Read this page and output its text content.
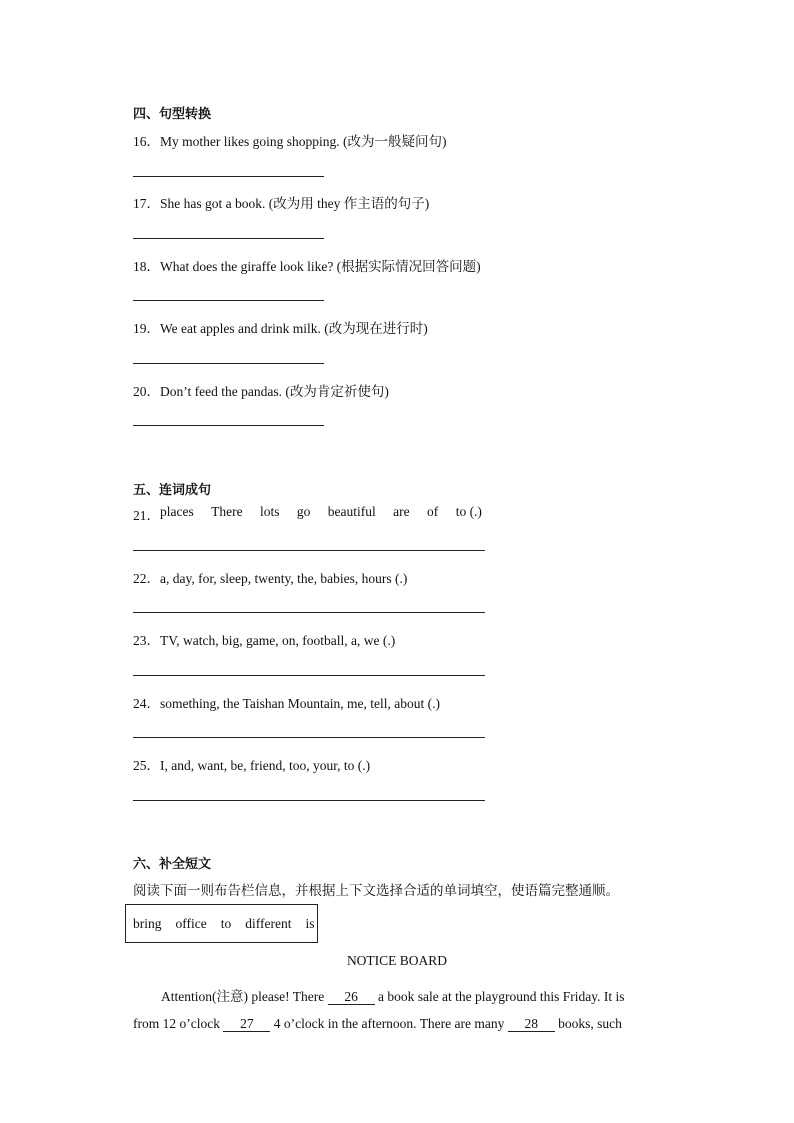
四、句型转换
16．My mother likes going shopping. (改为一般疑问句)
17．She has got a book. (改为用 they 作主语的句子)
18．What does the giraffe look like? (根据实际情况回答问题)
19．We eat apples and drink milk. (改为现在进行时)
20．Don’t feed the pandas. (改为肯定祈使句)
五、连词成句
21． places There lots go beautiful are of to (.)
22．a, day, for, sleep, twenty, the, babies, hours (.)
23．TV, watch, big, game, on, football, a, we (.)
24．something, the Taishan Mountain, me, tell, about (.)
25．I, and, want, be, friend, too, your, to (.)
六、补全短文
阅读下面一则布告栏信息，并根据上下文选择合适的单词填空，使语篇完整通顺。
bring office to different is
NOTICE BOARD
Attention(注意) please! There 26 a book sale at the playground this Friday. It is
from 12 o’clock 27 4 o’clock in the afternoon. There are many 28 books, such
